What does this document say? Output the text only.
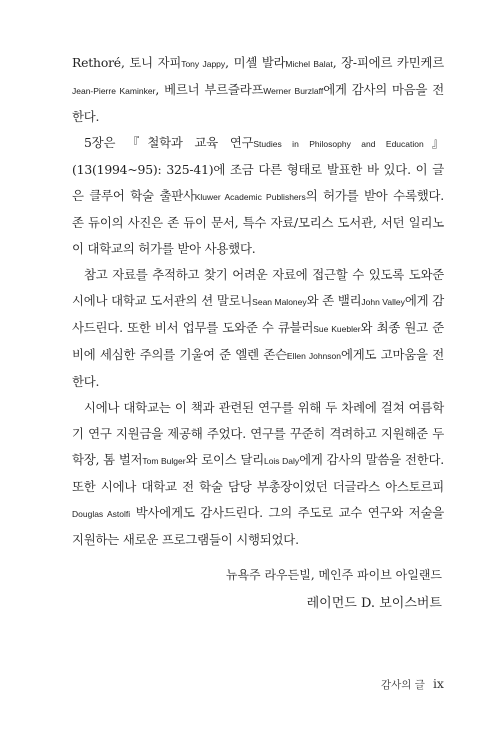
Rethoré, 토니 자피Tony Jappy, 미셸 발라Michel Balat, 장-피에르 카민케르 Jean-Pierre Kaminker, 베르너 부르즐라프Werner Burzlaff에게 감사의 마음을 전한다.

5장은 『철학과 교육 연구Studies in Philosophy and Education』(13(1994~95): 325-41)에 조금 다른 형태로 발표한 바 있다. 이 글은 클루어 학술 출판사Kluwer Academic Publishers의 허가를 받아 수록했다. 존 듀이의 사진은 존 듀이 문서, 특수 자료/모리스 도서관, 서던 일리노이 대학교의 허가를 받아 사용했다.

참고 자료를 추적하고 찾기 어려운 자료에 접근할 수 있도록 도와준 시에나 대학교 도서관의 션 말로니Sean Maloney와 존 밸리John Valley에게 감사드린다. 또한 비서 업무를 도와준 수 큐블러Sue Kuebler와 최종 원고 준비에 세심한 주의를 기울여 준 엘렌 존슨Ellen Johnson에게도 고마움을 전한다.

시에나 대학교는 이 책과 관련된 연구를 위해 두 차례에 걸쳐 여름학기 연구 지원금을 제공해 주었다. 연구를 꾸준히 격려하고 지원해준 두 학장, 톰 벌저Tom Bulger와 로이스 달리Lois Daly에게 감사의 말씀을 전한다. 또한 시에나 대학교 전 학술 담당 부총장이었던 더글라스 아스토르피Douglas Astolfi 박사에게도 감사드린다. 그의 주도로 교수 연구와 저술을 지원하는 새로운 프로그램들이 시행되었다.

뉴욕주 라우든빌, 메인주 파이브 아일랜드
레이먼드 D. 보이스버트
감사의 글 ix
